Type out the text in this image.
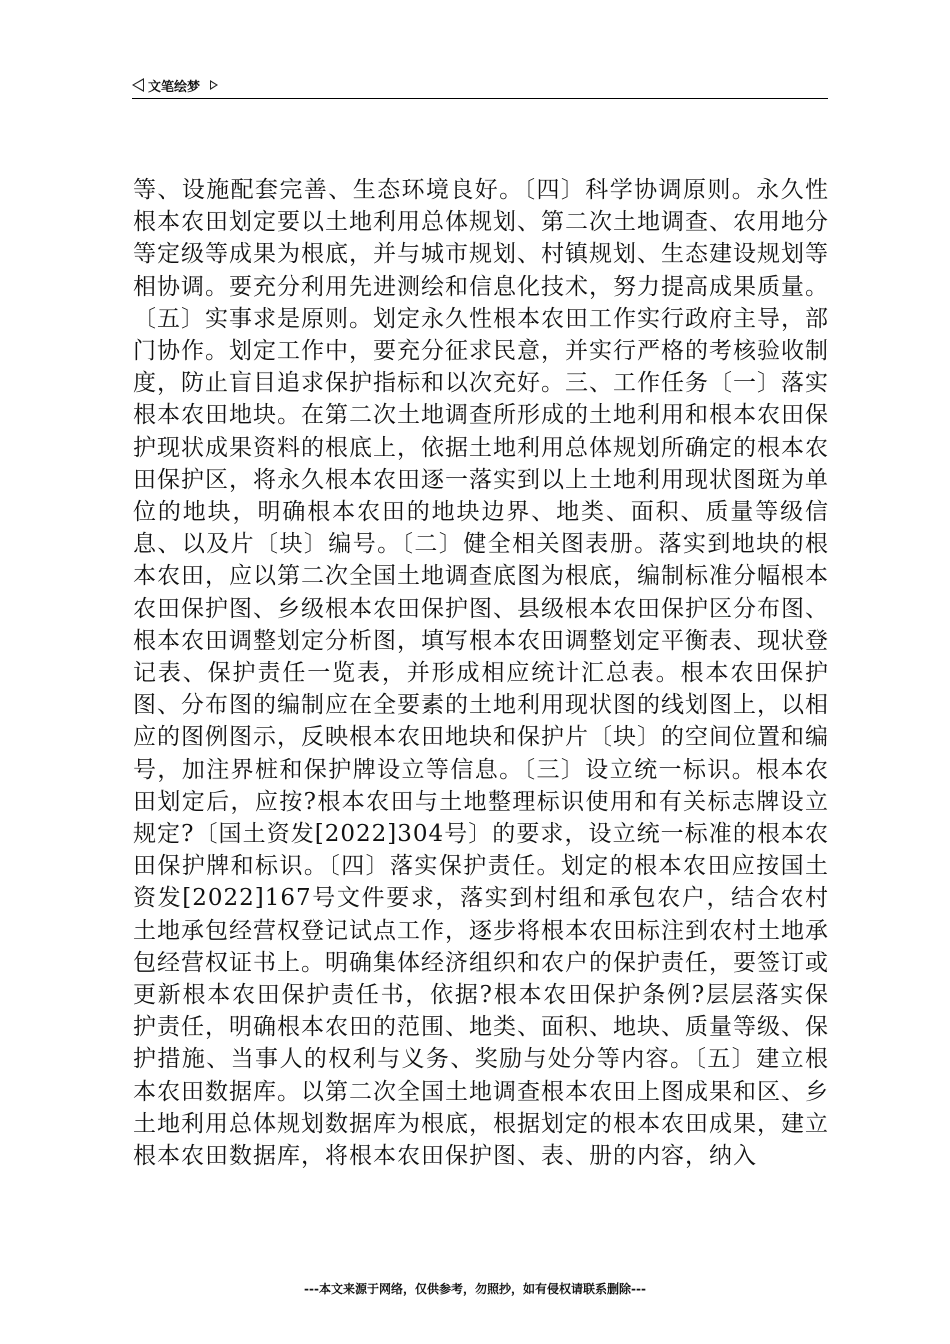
文笔绘梦

等、设施配套完善、生态环境良好。〔四〕科学协调原则。永久性根本农田划定要以土地利用总体规划、第二次土地调查、农用地分等定级等成果为根底，并与城市规划、村镇规划、生态建设规划等相协调。要充分利用先进测绘和信息化技术，努力提高成果质量。〔五〕实事求是原则。划定永久性根本农田工作实行政府主导，部门协作。划定工作中，要充分征求民意，并实行严格的考核验收制度，防止盲目追求保护指标和以次充好。三、工作任务〔一〕落实根本农田地块。在第二次土地调查所形成的土地利用和根本农田保护现状成果资料的根底上，依据土地利用总体规划所确定的根本农田保护区，将永久根本农田逐一落实到以上土地利用现状图斑为单位的地块，明确根本农田的地块边界、地类、面积、质量等级信息、以及片〔块〕编号。〔二〕健全相关图表册。落实到地块的根本农田，应以第二次全国土地调查底图为根底，编制标准分幅根本农田保护图、乡级根本农田保护图、县级根本农田保护区分布图、根本农田调整划定分析图，填写根本农田调整划定平衡表、现状登记表、保护责任一览表，并形成相应统计汇总表。根本农田保护图、分布图的编制应在全要素的土地利用现状图的线划图上，以相应的图例图示，反映根本农田地块和保护片〔块〕的空间位置和编号，加注界桩和保护牌设立等信息。〔三〕设立统一标识。根本农田划定后，应按?根本农田与土地整理标识使用和有关标志牌设立规定?〔国土资发[2022]304号〕的要求，设立统一标准的根本农田保护牌和标识。〔四〕落实保护责任。划定的根本农田应按国土资发[2022]167号文件要求，落实到村组和承包农户，结合农村土地承包经营权登记试点工作，逐步将根本农田标注到农村土地承包经营权证书上。明确集体经济组织和农户的保护责任，要签订或更新根本农田保护责任书，依据?根本农田保护条例?层层落实保护责任，明确根本农田的范围、地类、面积、地块、质量等级、保护措施、当事人的权利与义务、奖励与处分等内容。〔五〕建立根本农田数据库。以第二次全国土地调查根本农田上图成果和区、乡土地利用总体规划数据库为根底，根据划定的根本农田成果，建立根本农田数据库，将根本农田保护图、表、册的内容，纳入

---本文来源于网络，仅供参考，勿照抄，如有侵权请联系删除---
